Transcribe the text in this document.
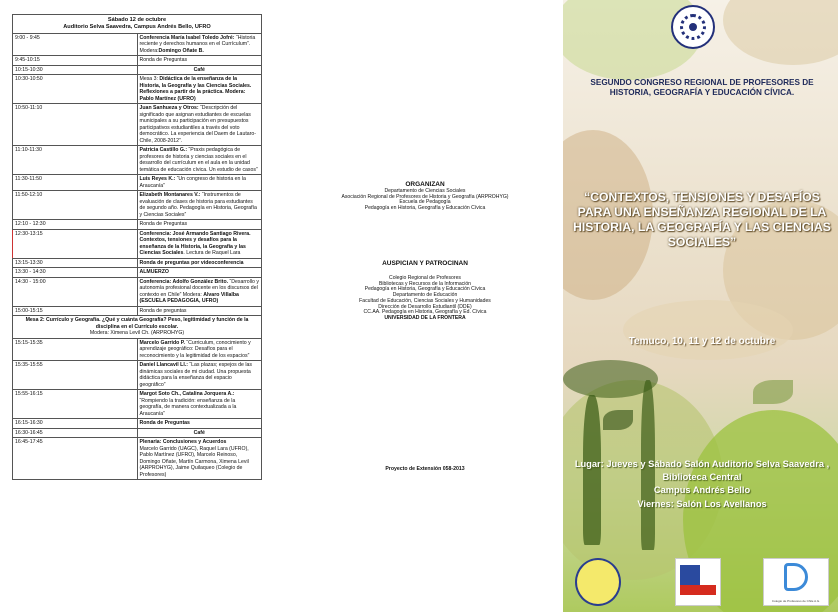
Sábado 12 de octubre
Auditorio Selva Saavedra, Campus Andrés Bello, UFRO	

9:00 - 9:45	Conferencia María Isabel Toledo Jofré: “Historia reciente y derechos humanos en el Currículum”. Modera:Domingo Oñate B.
9:45-10:15	Ronda de Preguntas
10:15-10:30	Café
10:30-10:50	Mesa 3: Didáctica de la enseñanza de la Historia, la Geografía y las Ciencias Sociales. Reflexiones a partir de la práctica. Modera: Pablo Martínez (UFRO)
10:50-11:10	Juan Sanhueza y Otros: “Descripción del significado que asignan estudiantes de escuelas municipales a su participación en presupuestos participativos estudiantiles a través del voto democrático. La experiencia del Daem de Lautaro-Chile, 2008-2012”.
11:10-11:30	Patricia Castillo G.: “Praxis pedagógica de profesores de historia y ciencias sociales en el desarrollo del currículum en el aula en la unidad temática de educación cívica. Un estudio de casos”
11:30-11:50	Luis Reyes K.: “Un congreso de historia en la Araucanía”
11:50-12:10	Elizabeth Montanares V.: “Instrumentos de evaluación de clases de historia para estudiantes de segundo año. Pedagogía en Historia, Geografía y Ciencias Sociales”
12:10 - 12:30	Ronda de Preguntas
12:30-13:15	Conferencia: José Armando Santiago Rivera. Contextos, tensiones y desafíos para la enseñanza de la Historia, la Geografía y las Ciencias Sociales. Lectura de Raquel Lara
13:15-13:30	Ronda de preguntas por videoconferencia
13:30 - 14:30	ALMUERZO
14:30 - 15:00	Conferencia: Adolfo González Brito. “Desarrollo y autonomía profesional docente en los discursos del contexto en Chile” Modera: Alvaro Villalba (ESCUELA PEDAGOGIA, UFRO)
15:00-15:15	Ronda de preguntas

Mesa 2: Currículo y Geografía. ¿Qué y cuánta Geografía? Peso, legitimidad y función de la disciplina en el Currículo escolar.
Modera: Ximena Levil Ch. (ARPROHYG)	

15:15-15:35	Marcelo Garrido P. “Curriculum, conocimiento y aprendizaje geográfico: Desafíos para el reconocimiento y la legitimidad de los espacios”
15:35-15:55	Daniel Llancavil Ll.: “Las plazas; espejos de las dinámicas sociales de mi ciudad. Una propuesta didáctica para la enseñanza del espacio geográfico”
15:55-16:15	Margot Soto Ch., Catalina Jorquera A.: “Rompiendo la tradición: enseñanza de la geografía, de manera contextualizada a la Araucanía”
16:15-16:30	Ronda de Preguntas
16:30-16:45	Café
16:45-17:45	Plenaria: Conclusiones y Acuerdos
Marcelo Garrido (UAGC), Raquel Lara (UFRO), Pablo Martínez (UFRO), Marcelo Reinoso, Domingo Oñate, Martín Carmona, Ximena Levil (ARPROHYG), Jaime Quilaqueo (Colegio de Profesores)
ORGANIZAN
Departamento de Ciencias Sociales
Asociación Regional de Profesores de Historia y Geografía (ARPROHYG)
Escuela de Pedagogía
Pedagogía en Historia, Geografía y Educación Cívica
AUSPICIAN Y PATROCINAN
Colegio Regional de Profesores
Bibliotecas y Recursos de la Información
Pedagogía en Historia, Geografía y Educación Cívica
Departamento de Educación
Facultad de Educación, Ciencias Sociales y Humanidades
Dirección de Desarrollo Estudiantil (DDE)
CC.AA. Pedagogía en Historia, Geografía y Ed. Cívica
UNIVERSIDAD DE LA FRONTERA
Proyecto de Extensión 058-2013
SEGUNDO CONGRESO REGIONAL DE PROFESORES DE HISTORIA, GEOGRAFÍA Y EDUCACIÓN CÍVICA.
“CONTEXTOS, TENSIONES Y DESAFÍOS PARA UNA ENSEÑANZA REGIONAL DE LA HISTORIA, LA GEOGRAFÍA Y LAS CIENCIAS SOCIALES”
Temuco, 10, 11 y 12 de octubre
Lugar: Jueves y Sábado Salón Auditorio Selva Saavedra , Biblioteca Central
Campus Andrés Bello
Viernes: Salón Los Avellanos
Colegio de Profesores de Chile A.G.
